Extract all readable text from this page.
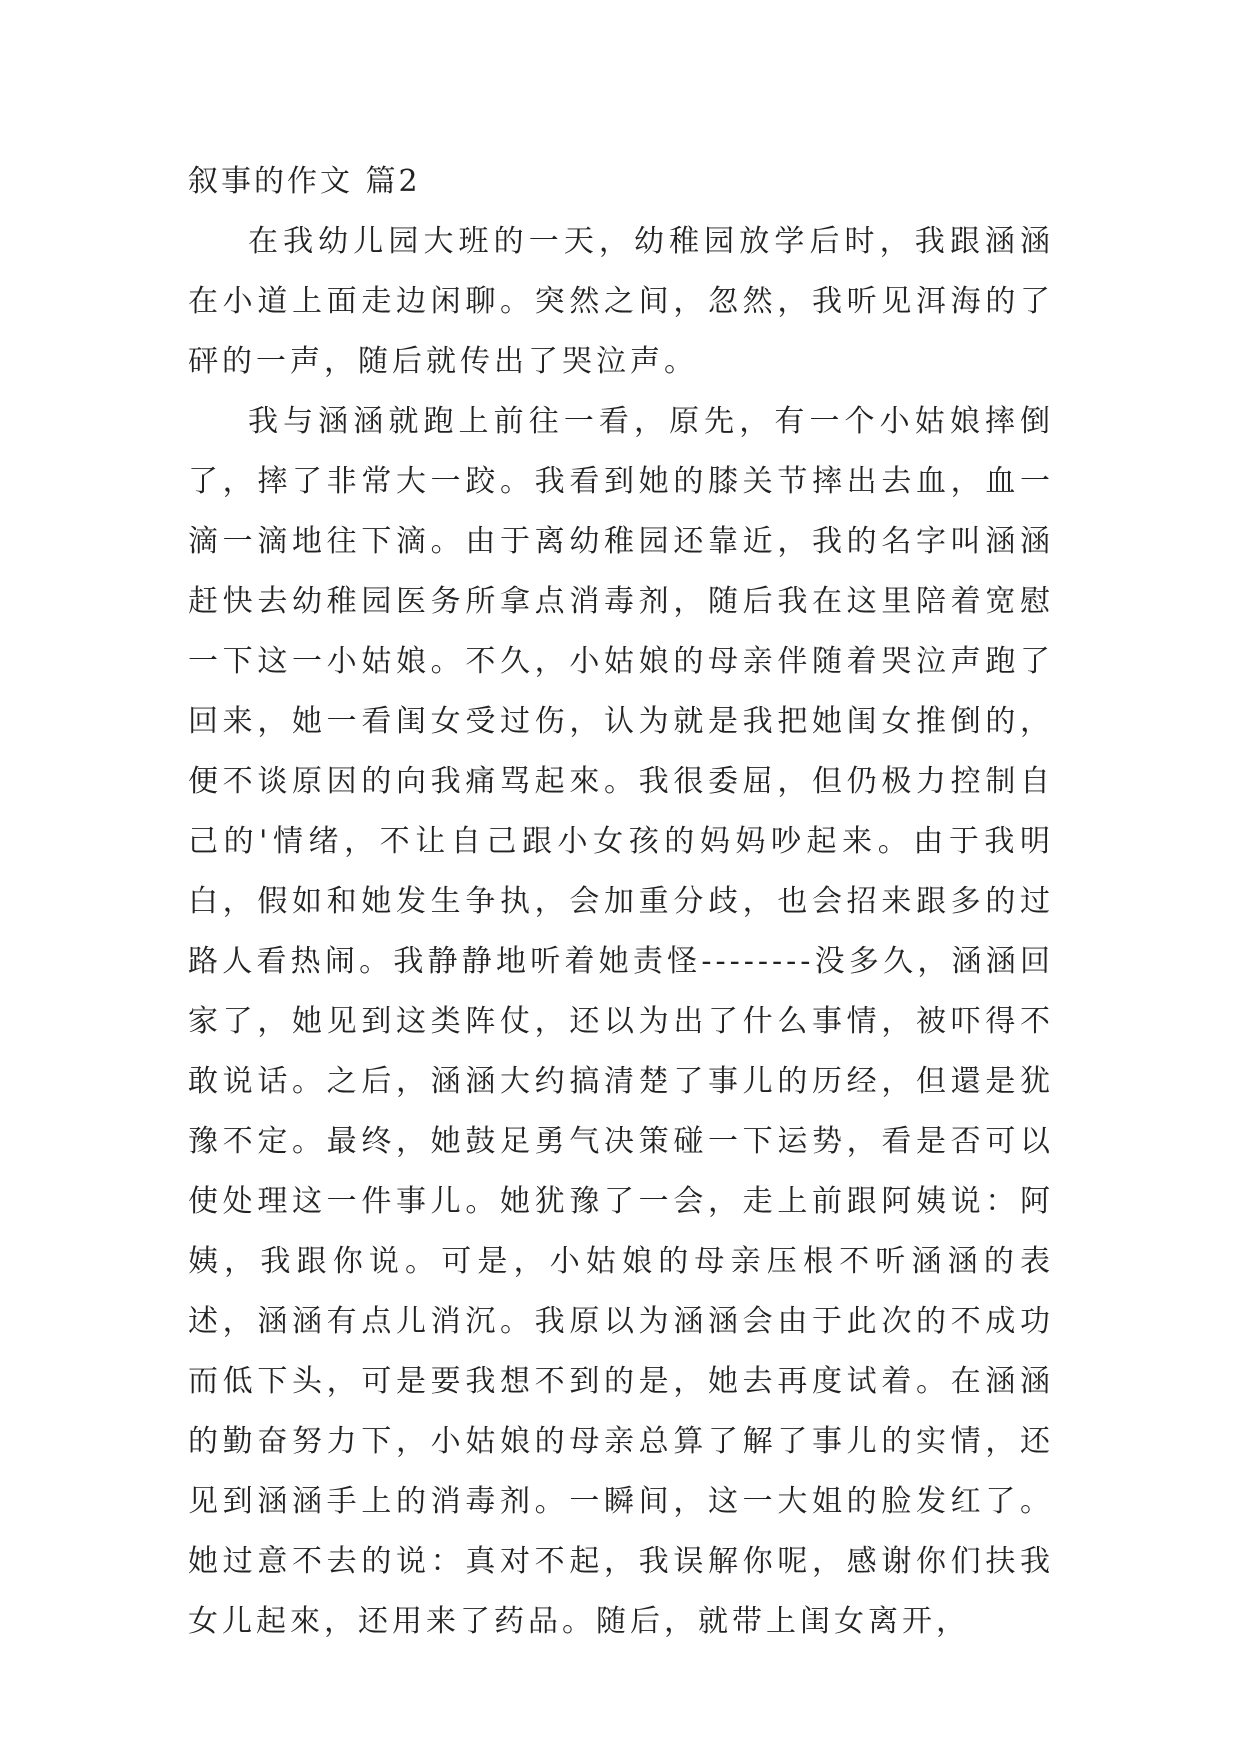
叙事的作文 篇2

在我幼儿园大班的一天，幼稚园放学后时，我跟涵涵在小道上面走边闲聊。突然之间，忽然，我听见洱海的了砰的一声，随后就传出了哭泣声。

我与涵涵就跑上前往一看，原先，有一个小姑娘摔倒了，摔了非常大一跤。我看到她的膝关节摔出去血，血一滴一滴地往下滴。由于离幼稚园还靠近，我的名字叫涵涵赶快去幼稚园医务所拿点消毒剂，随后我在这里陪着宽慰一下这一小姑娘。不久，小姑娘的母亲伴随着哭泣声跑了回来，她一看闺女受过伤，认为就是我把她闺女推倒的，便不谈原因的向我痛骂起來。我很委屈，但仍极力控制自己的'情绪，不让自己跟小女孩的妈妈吵起来。由于我明白，假如和她发生争执，会加重分歧，也会招来跟多的过路人看热闹。我静静地听着她责怪--------没多久，涵涵回家了，她见到这类阵仗，还以为出了什么事情，被吓得不敢说话。之后，涵涵大约搞清楚了事儿的历经，但還是犹豫不定。最终，她鼓足勇气决策碰一下运势，看是否可以使处理这一件事儿。她犹豫了一会，走上前跟阿姨说：阿姨，我跟你说。可是，小姑娘的母亲压根不听涵涵的表述，涵涵有点儿消沉。我原以为涵涵会由于此次的不成功而低下头，可是要我想不到的是，她去再度试着。在涵涵的勤奋努力下，小姑娘的母亲总算了解了事儿的实情，还见到涵涵手上的消毒剂。一瞬间，这一大姐的脸发红了。她过意不去的说：真对不起，我误解你呢，感谢你们扶我女儿起來，还用来了药品。随后，就带上闺女离开，
